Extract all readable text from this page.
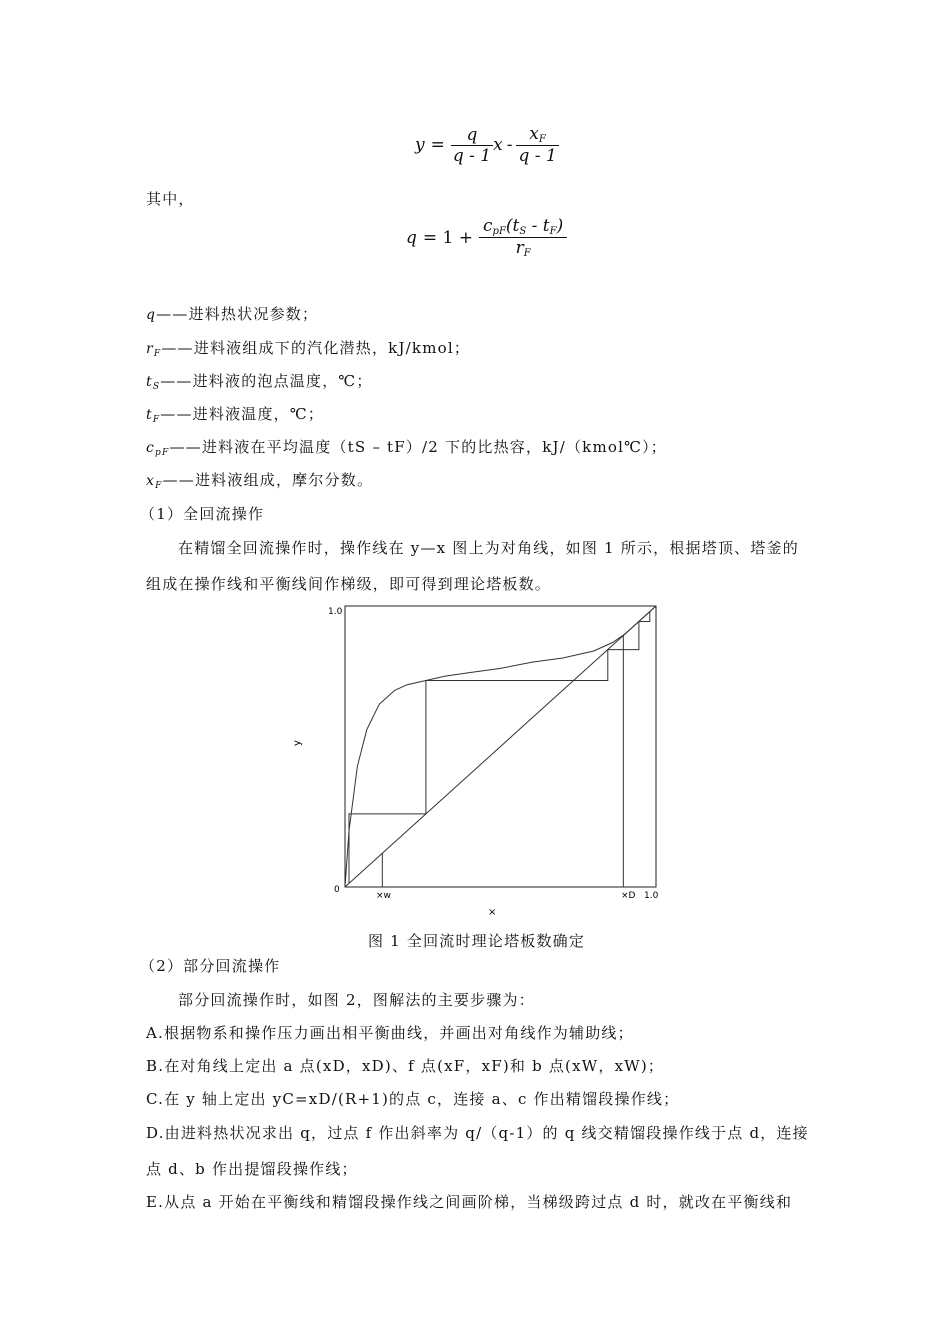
$y = \frac{q}{q - 1}$ x - $\frac{x_F}{q - 1}$
其中，
$q = 1 + \frac{c_{pF}(t_S - t_F)}{r_F}$
q——进料热状况参数；
$r_F——$进料液组成下的汽化潜热，kJ/kmol；
$t_S——$进料液的泡点温度，℃；
$t_F——$进料液温度，℃；
$c_{pF}——$进料液在平均温度（tS – tF）/2 下的比热容，kJ/（kmol℃）；
$x_F——$进料液组成，摩尔分数。
（1）全回流操作
在精馏全回流操作时，操作线在 y—x 图上为对角线，如图 1 所示，根据塔顶、塔釜的
组成在操作线和平衡线间作梯级，即可得到理论塔板数。
1.0
y
0
×w	×D 1.0
×
图 1 全回流时理论塔板数确定
（2）部分回流操作
部分回流操作时，如图 2，图解法的主要步骤为：
A.根据物系和操作压力画出相平衡曲线，并画出对角线作为辅助线；
B.在对角线上定出 a 点(xD，xD)、f 点(xF，xF)和 b 点(xW，xW)；
C.在 y 轴上定出 yC=xD/(R+1)的点 c，连接 a、c 作出精馏段操作线；
D.由进料热状况求出 q，过点 f 作出斜率为 q/（q-1）的 q 线交精馏段操作线于点 d，连接
点 d、b 作出提馏段操作线；
E.从点 a 开始在平衡线和精馏段操作线之间画阶梯，当梯级跨过点 d 时，就改在平衡线和
